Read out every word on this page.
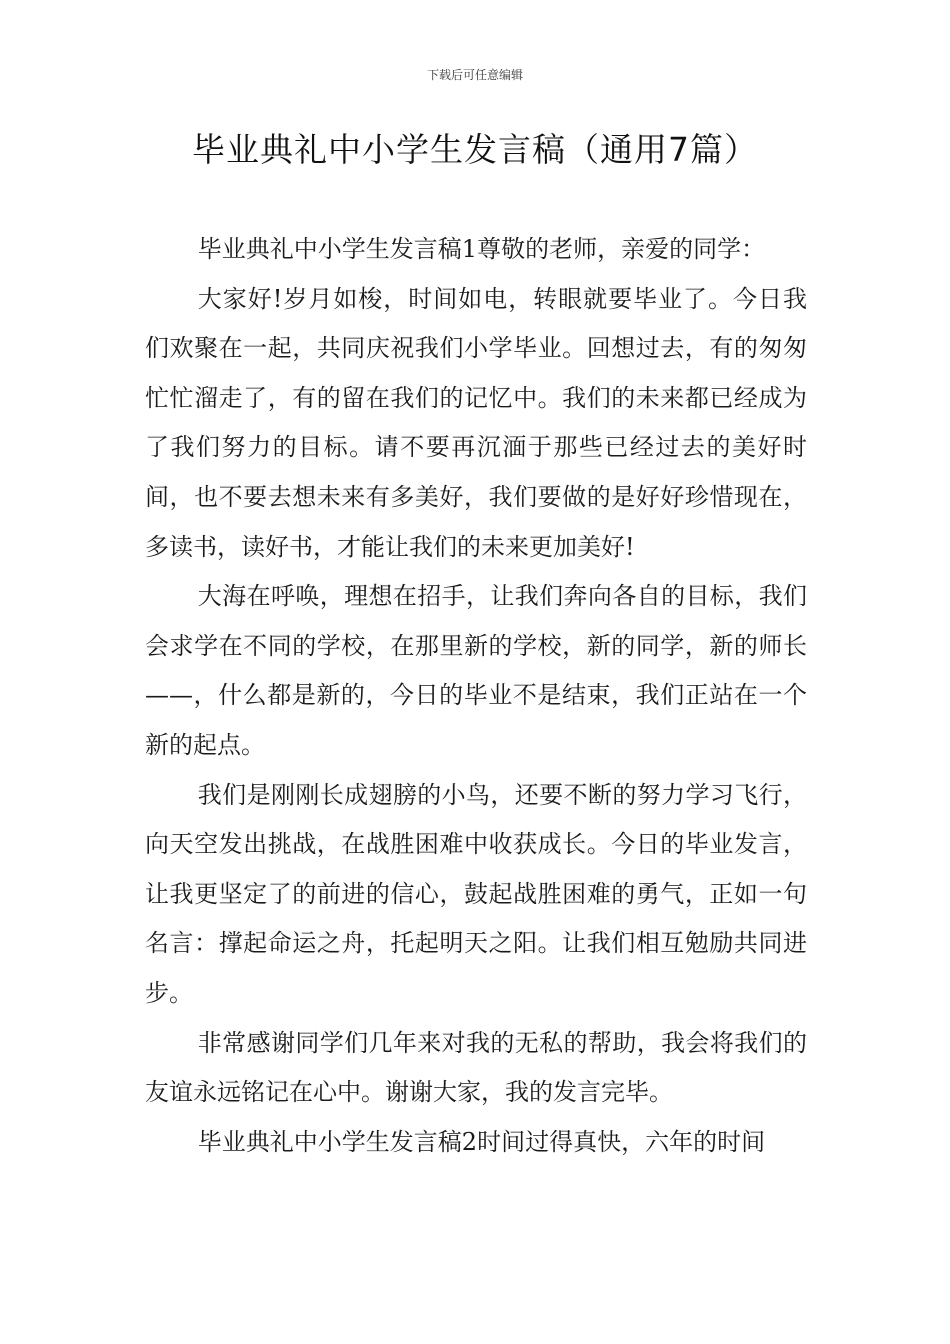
下载后可任意编辑
毕业典礼中小学生发言稿（通用7篇）

毕业典礼中小学生发言稿1尊敬的老师，亲爱的同学：

大家好!岁月如梭，时间如电，转眼就要毕业了。今日我们欢聚在一起，共同庆祝我们小学毕业。回想过去，有的匆匆忙忙溜走了，有的留在我们的记忆中。我们的未来都已经成为了我们努力的目标。请不要再沉湎于那些已经过去的美好时间，也不要去想未来有多美好，我们要做的是好好珍惜现在，多读书，读好书，才能让我们的未来更加美好!

大海在呼唤，理想在招手，让我们奔向各自的目标，我们会求学在不同的学校，在那里新的学校，新的同学，新的师长——，什么都是新的，今日的毕业不是结束，我们正站在一个新的起点。

我们是刚刚长成翅膀的小鸟，还要不断的努力学习飞行，向天空发出挑战，在战胜困难中收获成长。今日的毕业发言，让我更坚定了的前进的信心，鼓起战胜困难的勇气，正如一句名言：撑起命运之舟，托起明天之阳。让我们相互勉励共同进步。

非常感谢同学们几年来对我的无私的帮助，我会将我们的友谊永远铭记在心中。谢谢大家，我的发言完毕。

毕业典礼中小学生发言稿2时间过得真快，六年的时间
